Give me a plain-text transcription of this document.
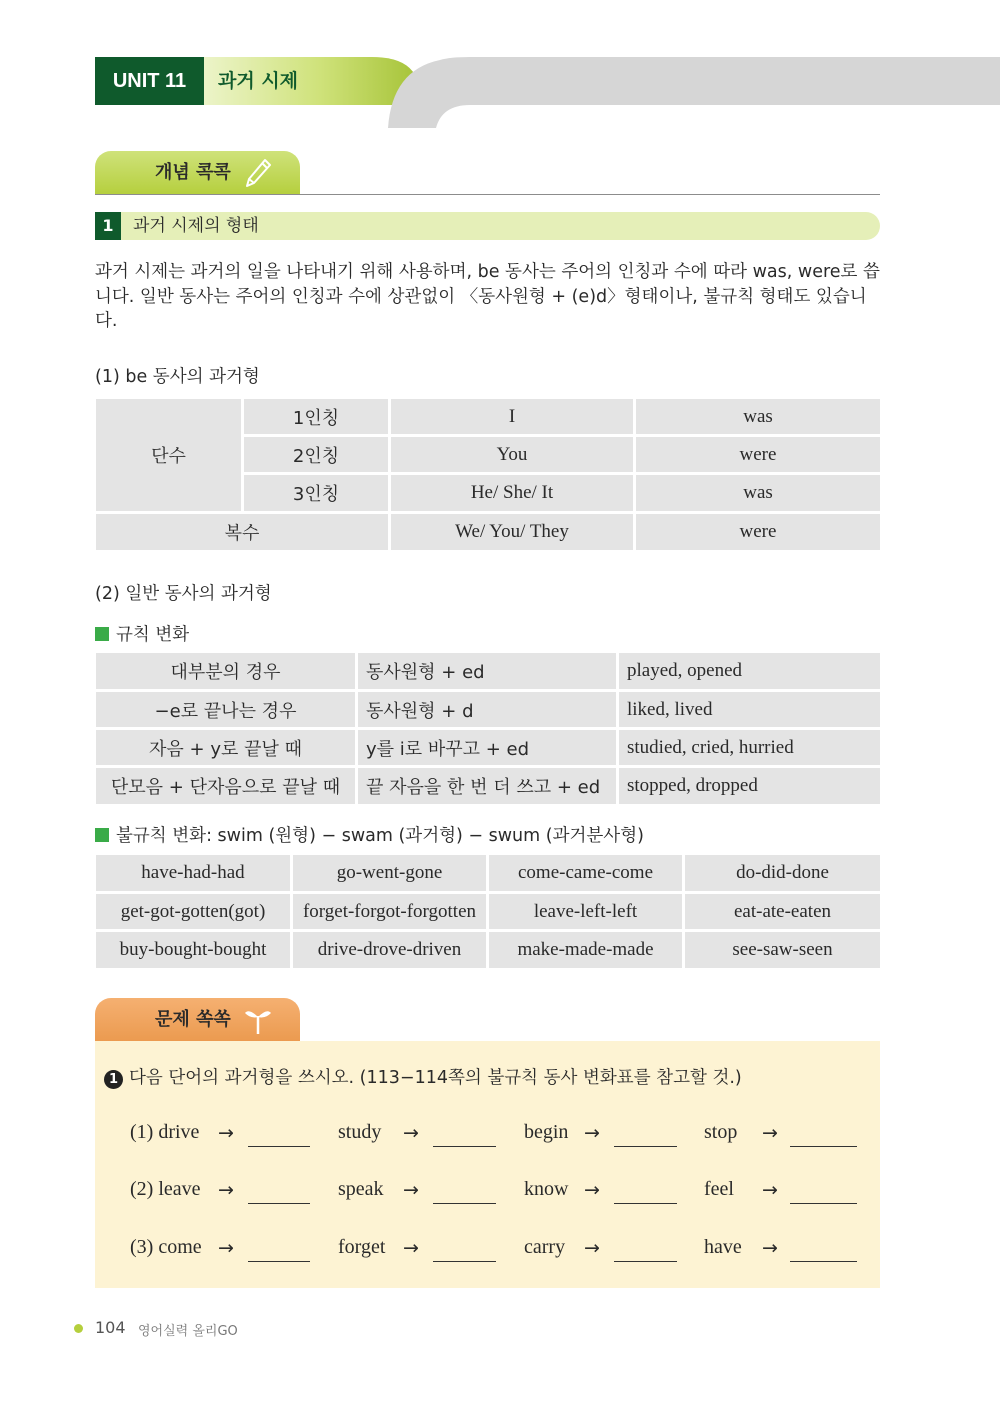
UNIT 11	과거 시제
개념 콕콕
1	과거 시제의 형태
과거 시제는 과거의 일을 나타내기 위해 사용하며, be 동사는 주어의 인칭과 수에 따라 was, were로 씁니다. 일반 동사는 주어의 인칭과 수에 상관없이 〈동사원형 + (e)d〉형태이나, 불규칙 형태도 있습니다.
(1) be 동사의 과거형
단수
1인칭	I	was
2인칭	You	were
3인칭	He/ She/ It	was
복수	We/ You/ They	were
(2) 일반 동사의 과거형
규칙 변화
대부분의 경우	동사원형 + ed	played, opened
−e로 끝나는 경우	동사원형 + d	liked, lived
자음 + y로 끝날 때	y를 i로 바꾸고 + ed	studied, cried, hurried
단모음 + 단자음으로 끝날 때	끝 자음을 한 번 더 쓰고 + ed	stopped, dropped
불규칙 변화: swim (원형) − swam (과거형) − swum (과거분사형)
have-had-had	go-went-gone	come-came-come	do-did-done
get-got-gotten(got)	forget-forgot-forgotten	leave-left-left	eat-ate-eaten
buy-bought-bought	drive-drove-driven	make-made-made	see-saw-seen
문제 쏙쏙
1 다음 단어의 과거형을 쓰시오. (113−114쪽의 불규칙 동사 변화표를 참고할 것.)
(1) drive →	study →	begin →	stop →
(2) leave →	speak →	know →	feel →
(3) come →	forget →	carry →	have →
104 영어실력 올리GO
